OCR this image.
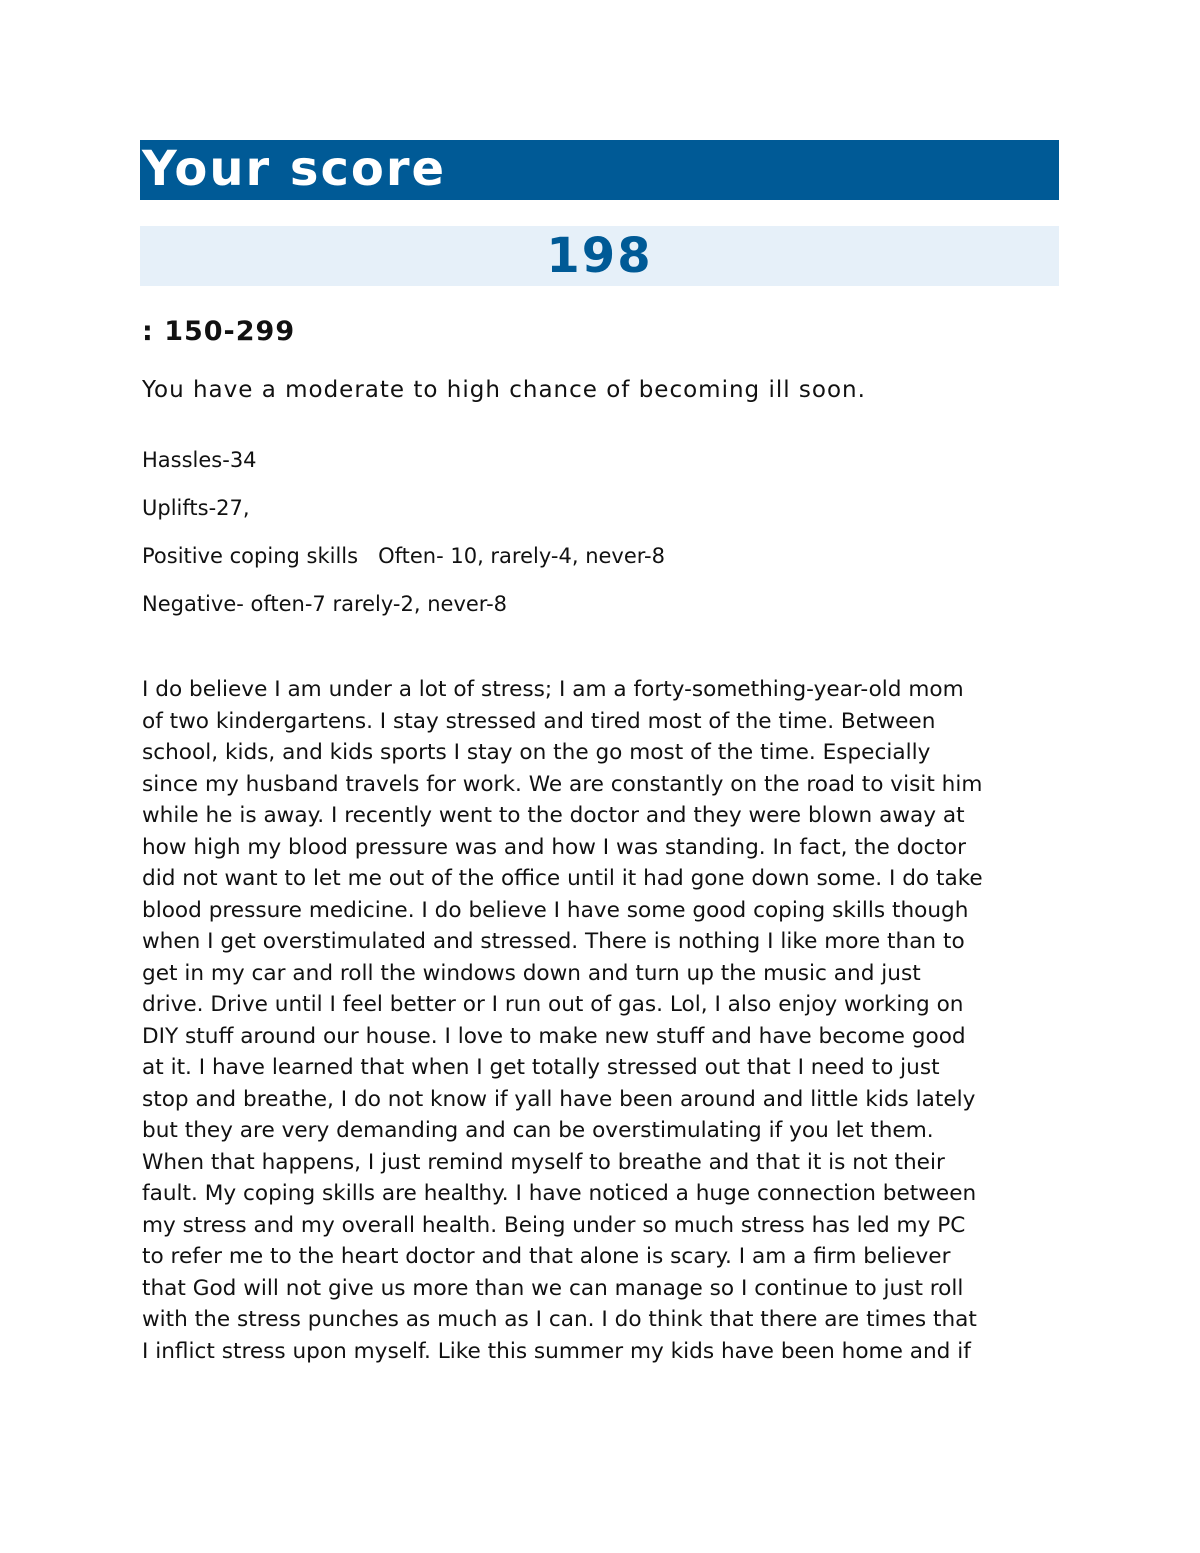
Your score
198
: 150-299
You have a moderate to high chance of becoming ill soon.
Hassles-34
Uplifts-27,
Positive coping skills   Often- 10, rarely-4, never-8
Negative- often-7 rarely-2, never-8
I do believe I am under a lot of stress; I am a forty-something-year-old mom
of two kindergartens. I stay stressed and tired most of the time. Between
school, kids, and kids sports I stay on the go most of the time. Especially
since my husband travels for work. We are constantly on the road to visit him
while he is away. I recently went to the doctor and they were blown away at
how high my blood pressure was and how I was standing. In fact, the doctor
did not want to let me out of the office until it had gone down some. I do take
blood pressure medicine. I do believe I have some good coping skills though
when I get overstimulated and stressed. There is nothing I like more than to
get in my car and roll the windows down and turn up the music and just
drive. Drive until I feel better or I run out of gas. Lol, I also enjoy working on
DIY stuff around our house. I love to make new stuff and have become good
at it. I have learned that when I get totally stressed out that I need to just
stop and breathe, I do not know if yall have been around and little kids lately
but they are very demanding and can be overstimulating if you let them.
When that happens, I just remind myself to breathe and that it is not their
fault. My coping skills are healthy. I have noticed a huge connection between
my stress and my overall health. Being under so much stress has led my PC
to refer me to the heart doctor and that alone is scary. I am a firm believer
that God will not give us more than we can manage so I continue to just roll
with the stress punches as much as I can. I do think that there are times that
I inflict stress upon myself. Like this summer my kids have been home and if
